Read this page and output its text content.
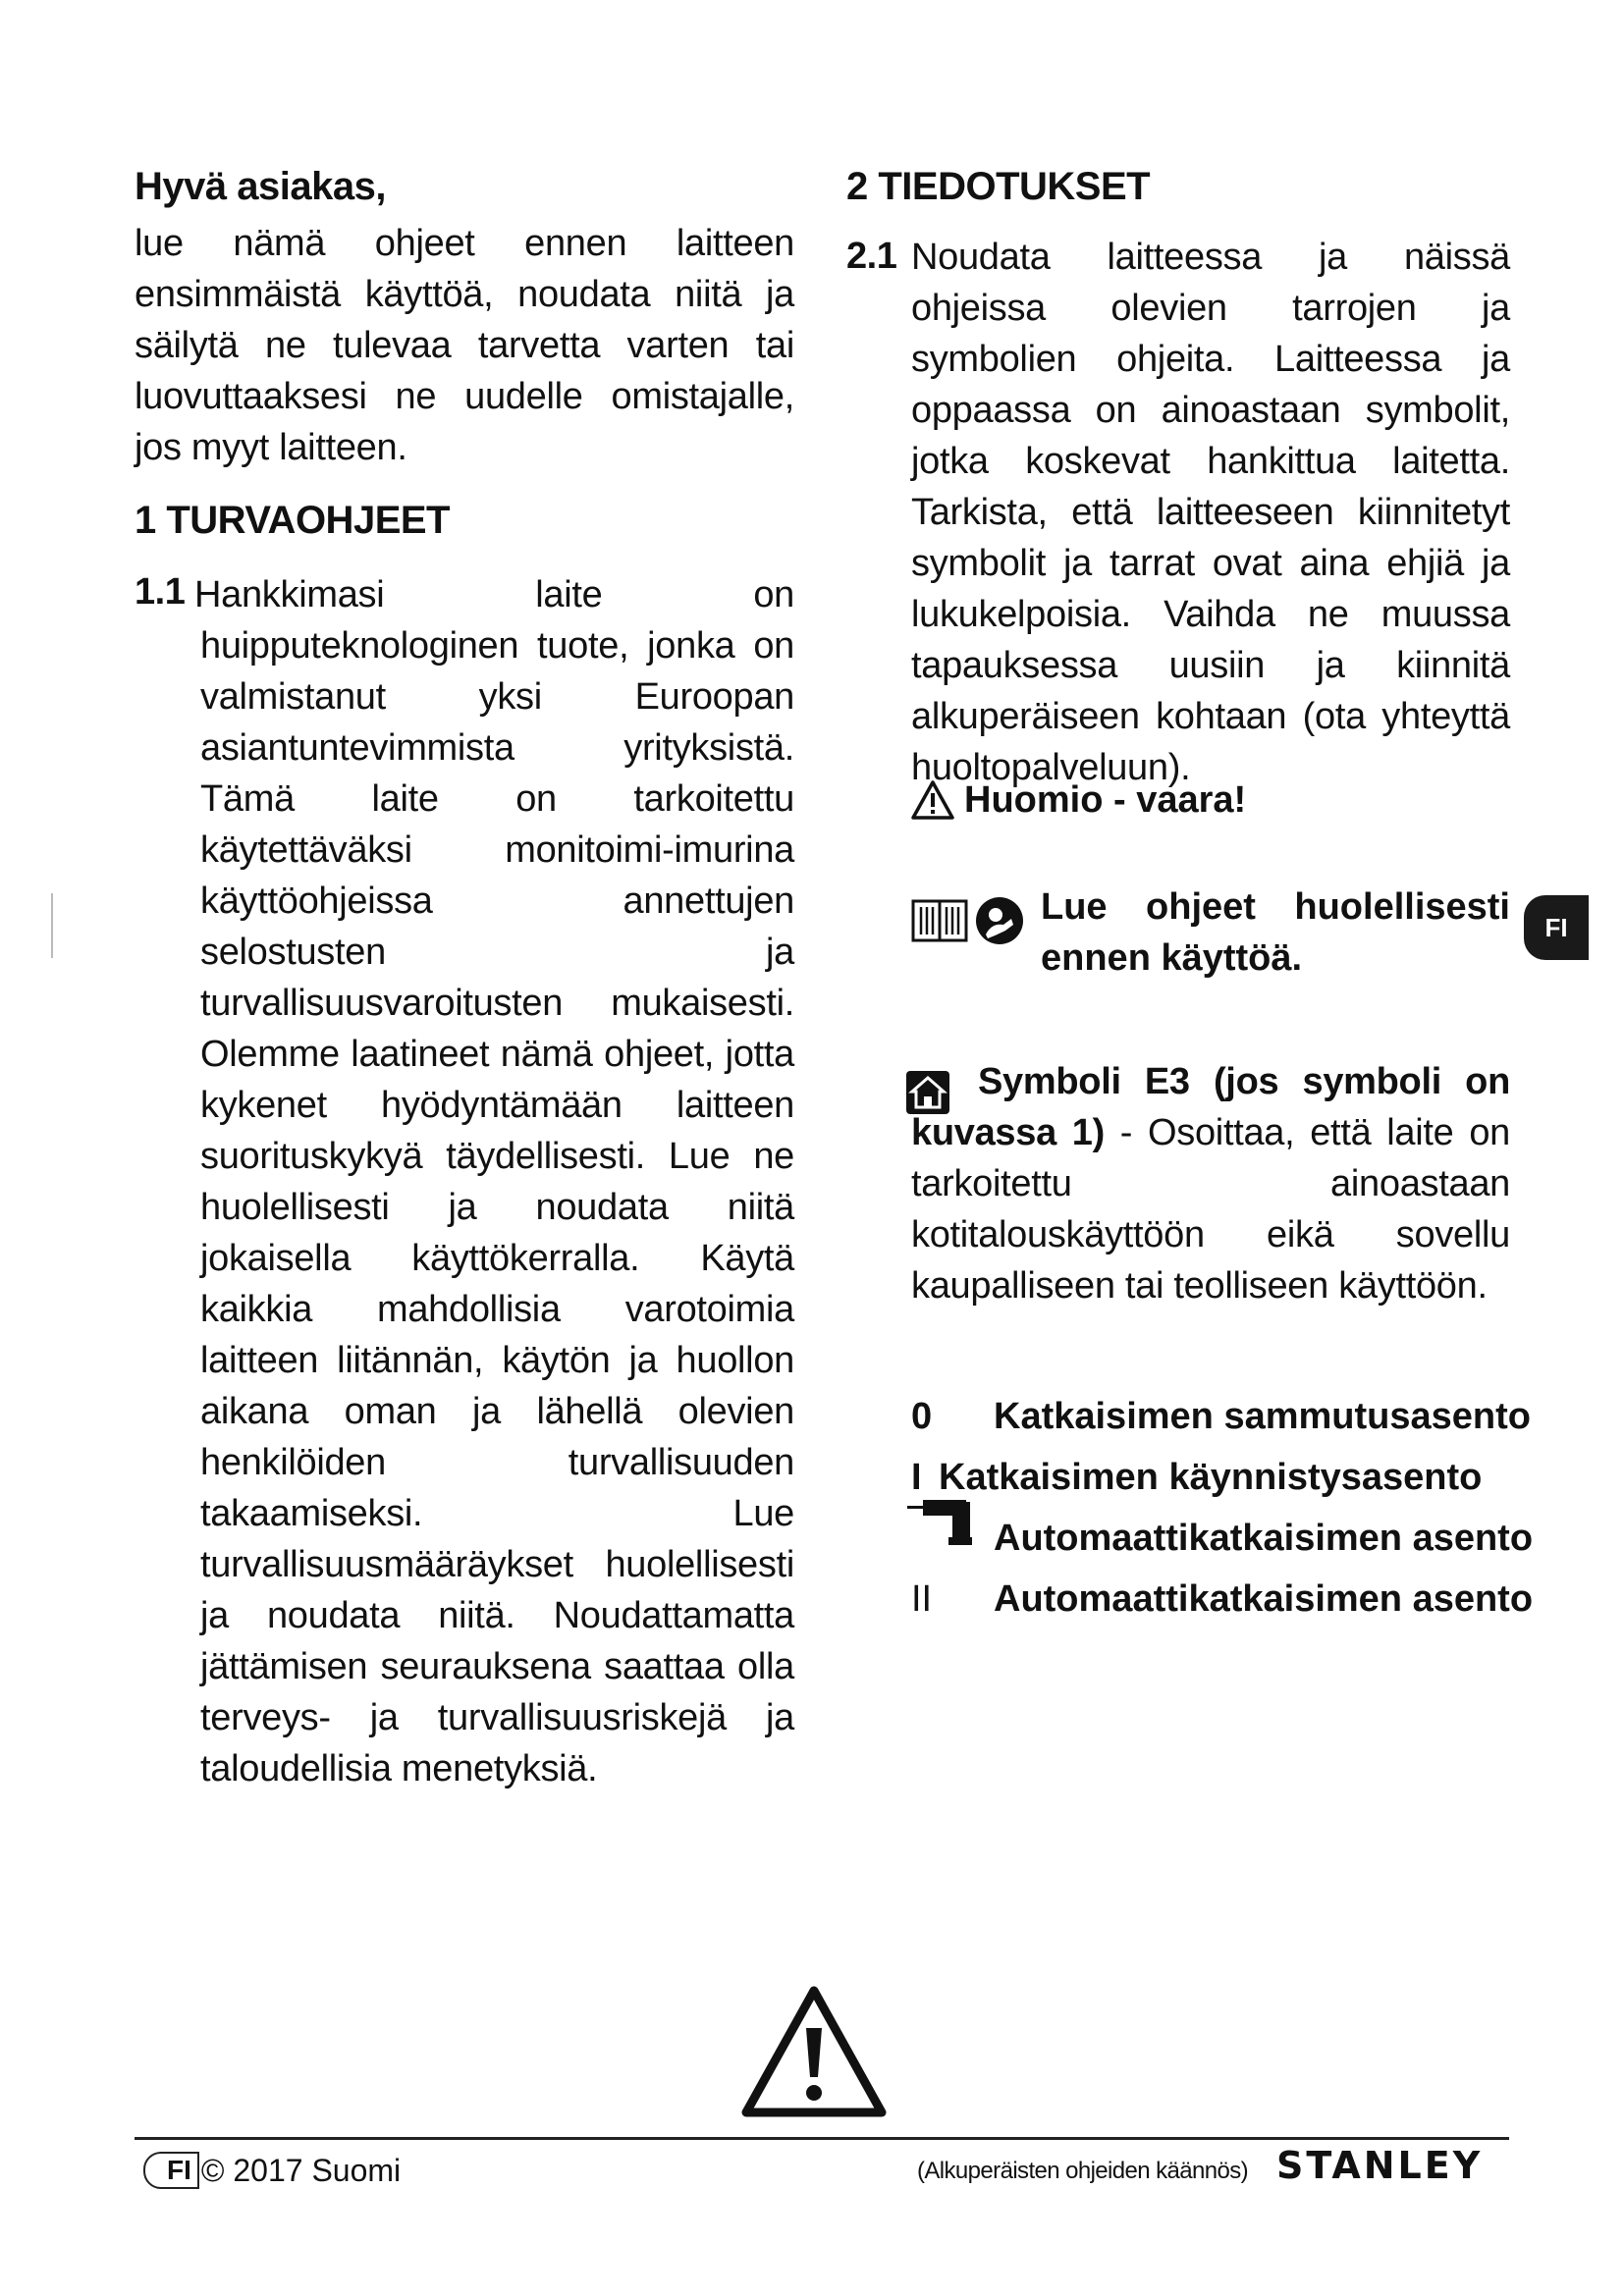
Hyvä asiakas,

lue nämä ohjeet ennen laitteen ensimmäistä käyttöä, noudata niitä ja säilytä ne tulevaa tarvetta varten tai luovuttaaksesi ne uudelle omistajalle, jos myyt laitteen.

1 TURVAOHJEET
1.1 Hankkimasi laite on huipputeknologinen tuote, jonka on valmistanut yksi Euroopan asiantuntevimmista yrityksistä. Tämä laite on tarkoitettu käytettäväksi monitoimi-imurina käyttöohjeissa annettujen selostusten ja turvallisuusvaroitusten mukaisesti. Olemme laatineet nämä ohjeet, jotta kykenet hyödyntämään laitteen suorituskykyä täydellisesti. Lue ne huolellisesti ja noudata niitä jokaisella käyttökerralla. Käytä kaikkia mahdollisia varotoimia laitteen liitännän, käytön ja huollon aikana oman ja lähellä olevien henkilöiden turvallisuuden takaamiseksi. Lue turvallisuusmääräykset huolellisesti ja noudata niitä. Noudattamatta jättämisen seurauksena saattaa olla terveys- ja turvallisuusriskejä ja taloudellisia menetyksiä.

2 TIEDOTUKSET
2.1 Noudata laitteessa ja näissä ohjeissa olevien tarrojen ja symbolien ohjeita. Laitteessa ja oppaassa on ainoastaan symbolit, jotka koskevat hankittua laitetta. Tarkista, että laitteeseen kiinnitetyt symbolit ja tarrat ovat aina ehjiä ja lukukelpoisia. Vaihda ne muussa tapauksessa uusiin ja kiinnitä alkuperäiseen kohtaan (ota yhteyttä huoltopalveluun).

Huomio - vaara!

Lue ohjeet huolellisesti ennen käyttöä.

Symboli E3 (jos symboli on kuvassa 1) - Osoittaa, että laite on tarkoitettu ainoastaan kotitalouskäyttöön eikä sovellu kaupalliseen tai teolliseen käyttöön.

0 Katkaisimen sammutusasento
I Katkaisimen käynnistysasento
Automaattikatkaisimen asento
II Automaattikatkaisimen asento
FI
FI © 2017 Suomi	(Alkuperäisten ohjeiden käännös) STANLEY
